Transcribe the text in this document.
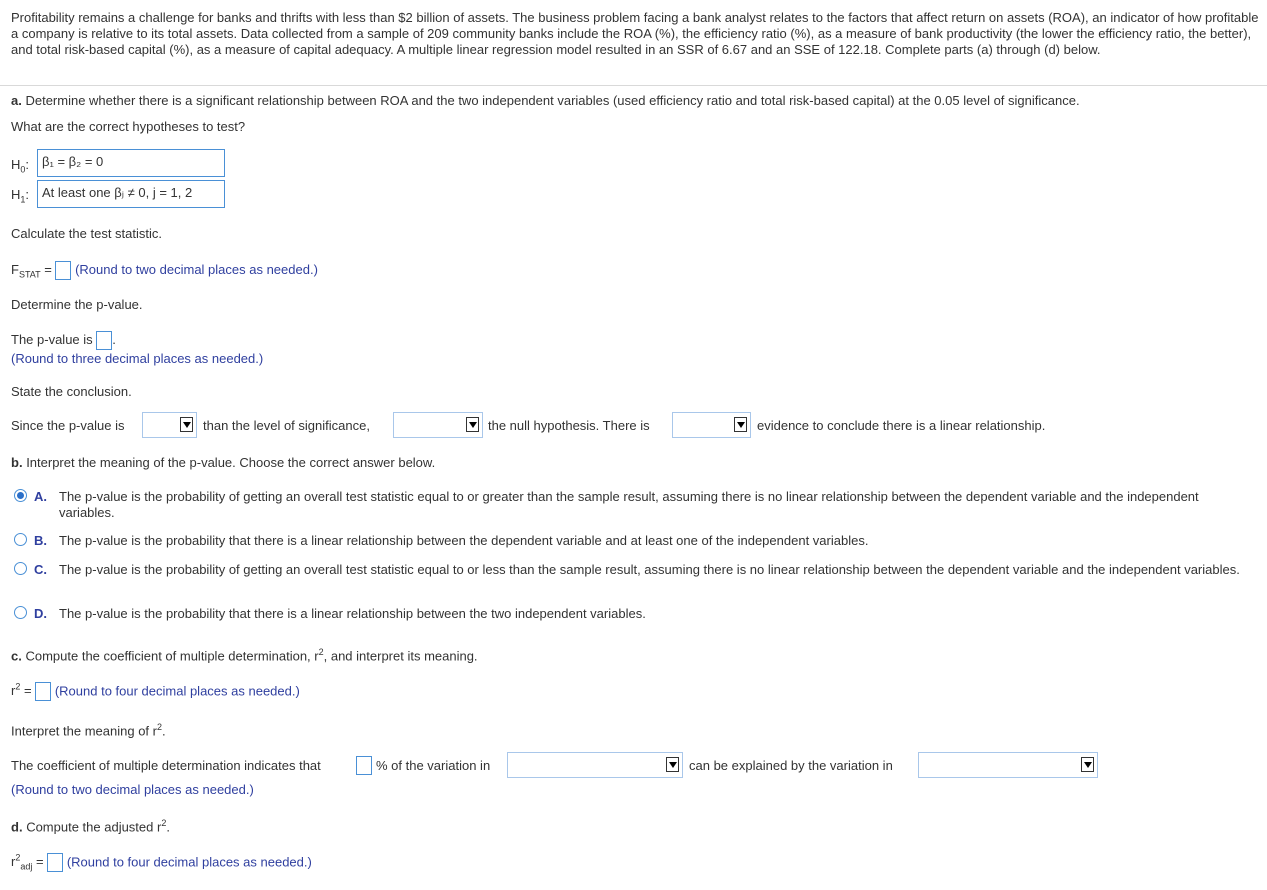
Profitability remains a challenge for banks and thrifts with less than $2 billion of assets. The business problem facing a bank analyst relates to the factors that affect return on assets (ROA), an indicator of how profitable a company is relative to its total assets. Data collected from a sample of 209 community banks include the ROA (%), the efficiency ratio (%), as a measure of bank productivity (the lower the efficiency ratio, the better), and total risk-based capital (%), as a measure of capital adequacy. A multiple linear regression model resulted in an SSR of 6.67 and an SSE of 122.18. Complete parts (a) through (d) below.
a. Determine whether there is a significant relationship between ROA and the two independent variables (used efficiency ratio and total risk-based capital) at the 0.05 level of significance.
What are the correct hypotheses to test?
$H_0$: β₁ = β₂ = 0
$H_1$: At least one βⱼ ≠ 0, j = 1, 2
Calculate the test statistic.
$F_{STAT}$ = (Round to two decimal places as needed.)
Determine the p-value.
The p-value is .
(Round to three decimal places as needed.)
State the conclusion.
Since the p-value is	than the level of significance,	the null hypothesis. There is	evidence to conclude there is a linear relationship.
b. Interpret the meaning of the p-value. Choose the correct answer below.
A. The p-value is the probability of getting an overall test statistic equal to or greater than the sample result, assuming there is no linear relationship between the dependent variable and the independent variables.
B. The p-value is the probability that there is a linear relationship between the dependent variable and at least one of the independent variables.
C. The p-value is the probability of getting an overall test statistic equal to or less than the sample result, assuming there is no linear relationship between the dependent variable and the independent variables.
D. The p-value is the probability that there is a linear relationship between the two independent variables.
c. Compute the coefficient of multiple determination, $r^2$, and interpret its meaning.
$r^2$ = (Round to four decimal places as needed.)
Interpret the meaning of $r^2$.
The coefficient of multiple determination indicates that	% of the variation in	can be explained by the variation in
(Round to two decimal places as needed.)
d. Compute the adjusted $r^2$.
$r^2_{adj}$ = (Round to four decimal places as needed.)
